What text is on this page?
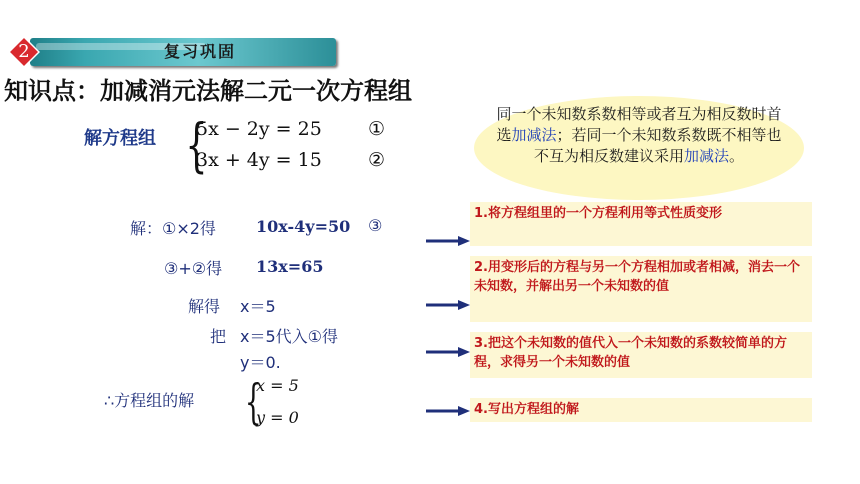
2	复习巩固
知识点：加减消元法解二元一次方程组
解方程组 {
5x − 2y = 25 ①
3x + 4y = 15 ②
同一个未知数系数相等或者互为相反数时首选加减法；若同一个未知数系数既不相等也不互为相反数建议采用加减法。
解：①×2得	10x-4y=50 ③
③+②得 13x=65
解得 x＝5
把 x＝5代入①得
y＝0.
∴方程组的解 {
x = 5
y = 0
1.将方程组里的一个方程利用等式性质变形
2.用变形后的方程与另一个方程相加或者相减，消去一个未知数，并解出另一个未知数的值
3.把这个未知数的值代入一个未知数的系数较简单的方程，求得另一个未知数的值
4.写出方程组的解
